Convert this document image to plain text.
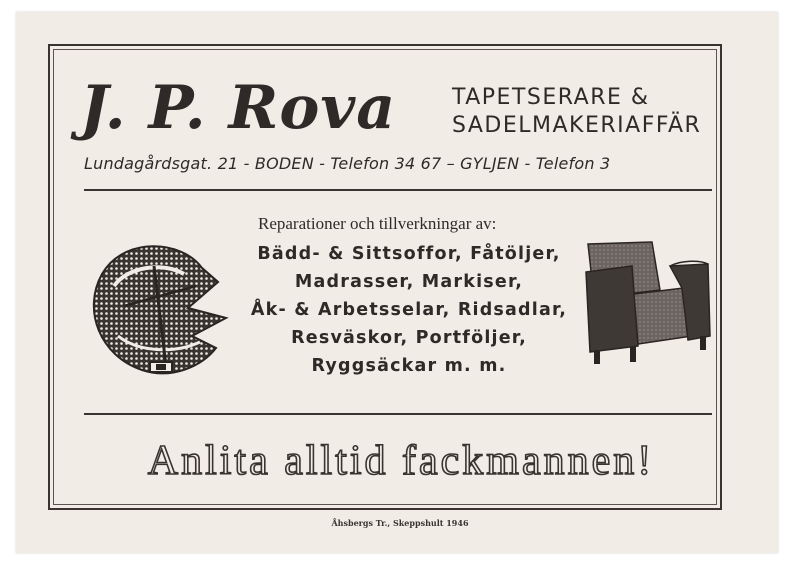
J. P. Rova	TAPETSERARE &
SADELMAKERIAFFÄR
Lundagårdsgat. 21 - BODEN - Telefon 34 67 – GYLJEN - Telefon 3
Reparationer och tillverkningar av:
Bädd- & Sittsoffor, Fåtöljer,
Madrasser, Markiser,
Åk- & Arbetsselar, Ridsadlar,
Resväskor, Portföljer,
Ryggsäckar m. m.
Anlita alltid fackmannen!
Åhsbergs Tr., Skeppshult 1946
